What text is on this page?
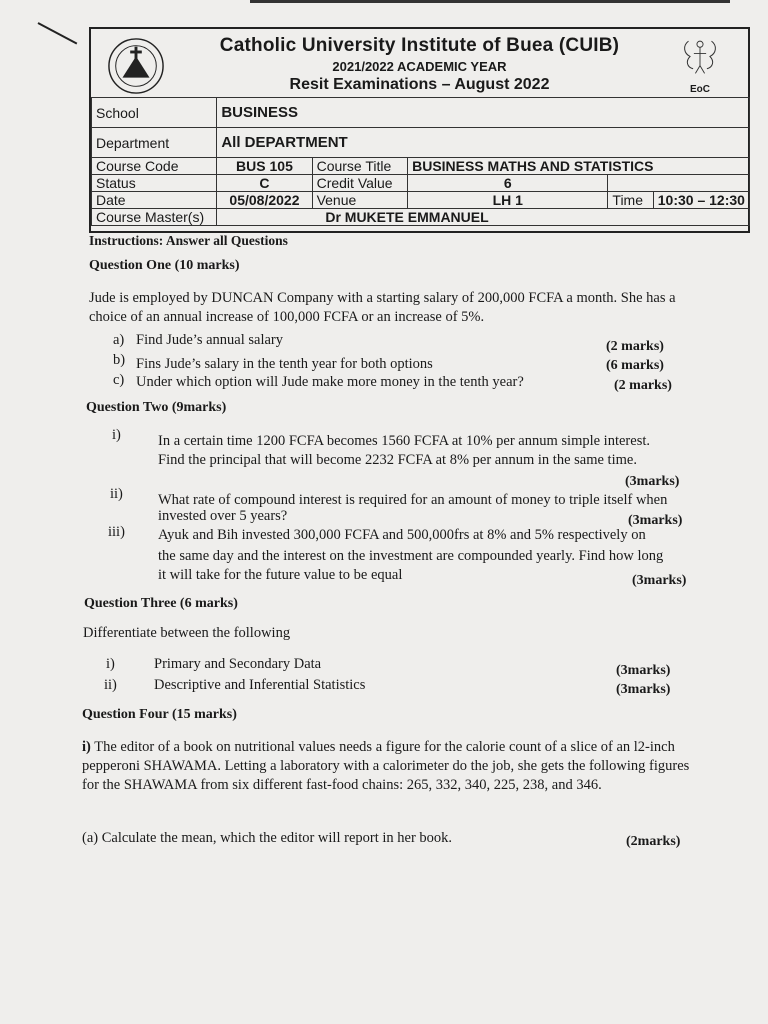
Catholic University Institute of Buea (CUIB)
2021/2022 ACADEMIC YEAR
Resit Examinations – August 2022	EoC
School	BUSINESS				
Department	All DEPARTMENT				
Course Code	BUS 105	Course Title	BUSINESS MATHS AND STATISTICS		
Status	C	Credit Value	6		
Date	05/08/2022	Venue	LH 1	Time	10:30 – 12:30
Course Master(s)	Dr MUKETE EMMANUEL				
Instructions: Answer all Questions
Question One (10 marks)
Jude is employed by DUNCAN Company with a starting salary of 200,000 FCFA a month. She has a choice of an annual increase of 100,000 FCFA or an increase of 5%.
a) Find Jude’s annual salary	(2 marks)
b) Fins Jude’s salary in the tenth year for both options	(6 marks)
c) Under which option will Jude make more money in the tenth year?	(2 marks)
Question Two (9marks)
i)	In a certain time 1200 FCFA becomes 1560 FCFA at 10% per annum simple interest.
Find the principal that will become 2232 FCFA at 8% per annum in the same time.
(3marks)
ii) What rate of compound interest is required for an amount of money to triple itself when
invested over 5 years?	(3marks)
iii) Ayuk and Bih invested 300,000 FCFA and 500,000frs at 8% and 5% respectively on
the same day and the interest on the investment are compounded yearly. Find how long
it will take for the future value to be equal	(3marks)
Question Three (6 marks)
Differentiate between the following
i)	Primary and Secondary Data	(3marks)
ii)	Descriptive and Inferential Statistics	(3marks)
Question Four (15 marks)
i) The editor of a book on nutritional values needs a figure for the calorie count of a slice of an l2-inch pepperoni SHAWAMA. Letting a laboratory with a calorimeter do the job, she gets the following figures for the SHAWAMA from six different fast-food chains: 265, 332, 340, 225, 238, and 346.
(a) Calculate the mean, which the editor will report in her book.	(2marks)
